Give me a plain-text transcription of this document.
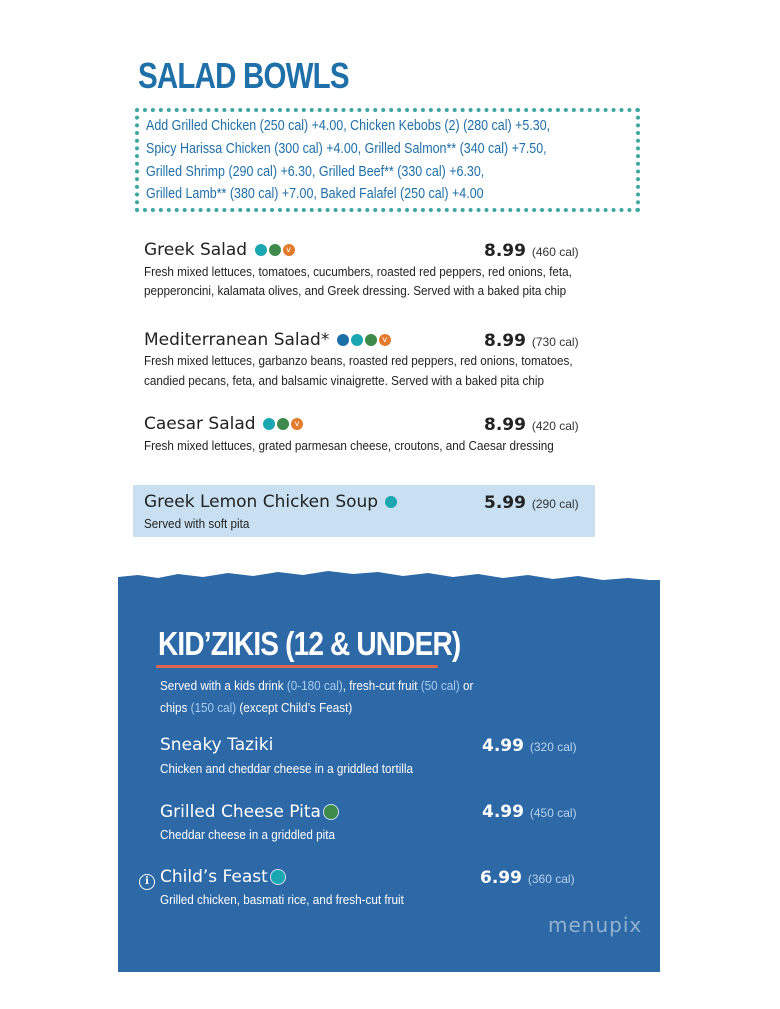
SALAD BOWLS
Add Grilled Chicken (250 cal) +4.00, Chicken Kebobs (2) (280 cal) +5.30,
Spicy Harissa Chicken (300 cal) +4.00, Grilled Salmon** (340 cal) +7.50,
Grilled Shrimp (290 cal) +6.30, Grilled Beef** (330 cal) +6.30,
Grilled Lamb** (380 cal) +7.00, Baked Falafel (250 cal) +4.00
Greek Salad	v	8.99 (460 cal)
Fresh mixed lettuces, tomatoes, cucumbers, roasted red peppers, red onions, feta,
pepperoncini, kalamata olives, and Greek dressing. Served with a baked pita chip
Mediterranean Salad*	v	8.99 (730 cal)
Fresh mixed lettuces, garbanzo beans, roasted red peppers, red onions, tomatoes,
candied pecans, feta, and balsamic vinaigrette. Served with a baked pita chip
Caesar Salad	v	8.99 (420 cal)
Fresh mixed lettuces, grated parmesan cheese, croutons, and Caesar dressing
Greek Lemon Chicken Soup	5.99 (290 cal)
Served with soft pita
KID’ZIKIS (12 & UNDER)
Served with a kids drink (0-180 cal), fresh-cut fruit (50 cal) or
chips (150 cal) (except Child’s Feast)
Sneaky Taziki	4.99 (320 cal)
Chicken and cheddar cheese in a griddled tortilla
Grilled Cheese Pita	4.99 (450 cal)
Cheddar cheese in a griddled pita
i Child’s Feast	6.99 (360 cal)
Grilled chicken, basmati rice, and fresh-cut fruit
menupix
